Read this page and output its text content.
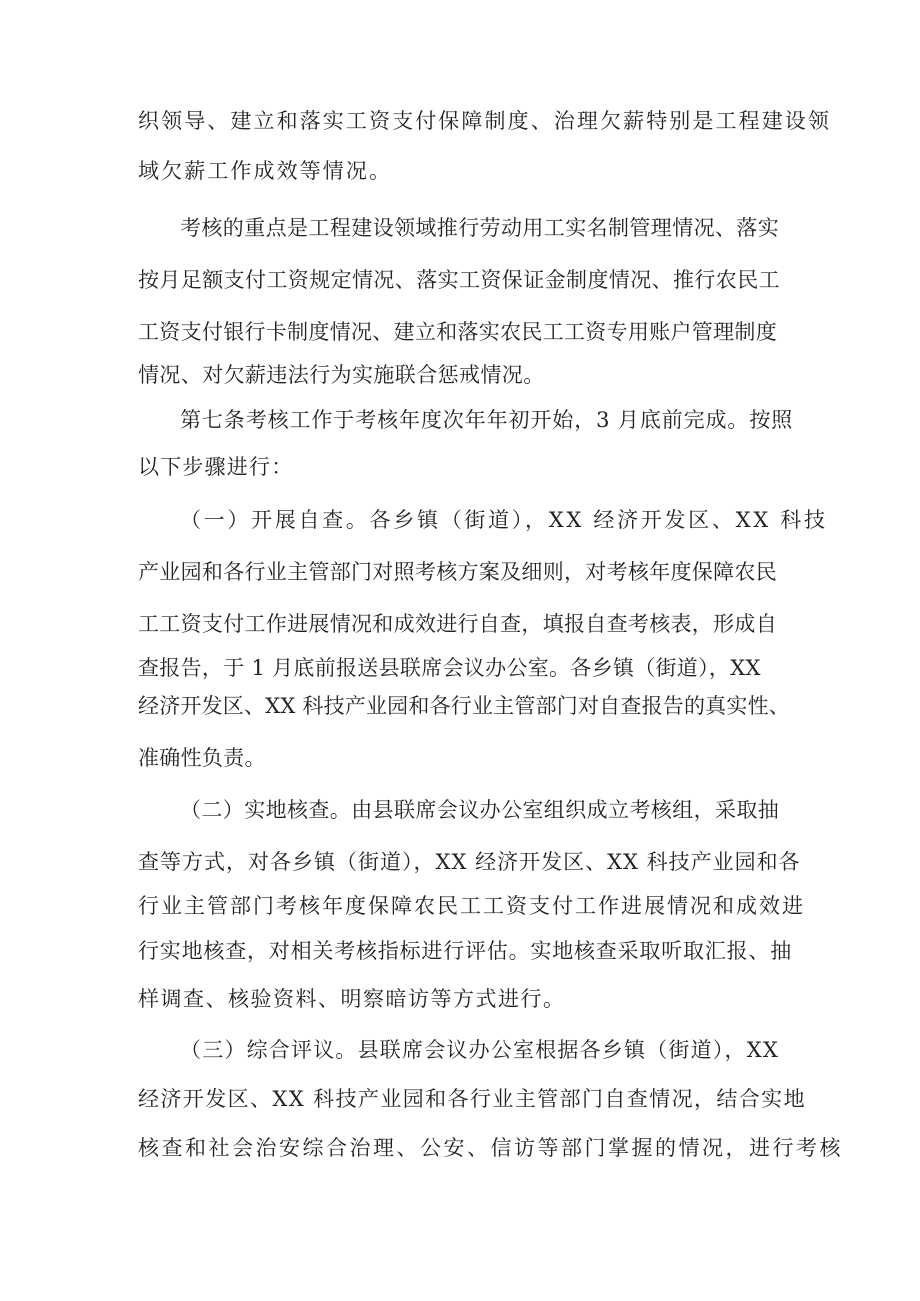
织领导、建立和落实工资支付保障制度、治理欠薪特别是工程建设领

域欠薪工作成效等情况。

考核的重点是工程建设领域推行劳动用工实名制管理情况、落实

按月足额支付工资规定情况、落实工资保证金制度情况、推行农民工

工资支付银行卡制度情况、建立和落实农民工工资专用账户管理制度

情况、对欠薪违法行为实施联合惩戒情况。

第七条考核工作于考核年度次年年初开始，3 月底前完成。按照

以下步骤进行：

（一）开展自查。各乡镇（街道），XX 经济开发区、XX 科技

产业园和各行业主管部门对照考核方案及细则，对考核年度保障农民

工工资支付工作进展情况和成效进行自查，填报自查考核表，形成自

查报告，于 1 月底前报送县联席会议办公室。各乡镇（街道），XX

经济开发区、XX 科技产业园和各行业主管部门对自查报告的真实性、

准确性负责。

（二）实地核查。由县联席会议办公室组织成立考核组，采取抽

查等方式，对各乡镇（街道），XX 经济开发区、XX 科技产业园和各

行业主管部门考核年度保障农民工工资支付工作进展情况和成效进

行实地核查，对相关考核指标进行评估。实地核查采取听取汇报、抽

样调查、核验资料、明察暗访等方式进行。

（三）综合评议。县联席会议办公室根据各乡镇（街道），XX

经济开发区、XX 科技产业园和各行业主管部门自查情况，结合实地

核查和社会治安综合治理、公安、信访等部门掌握的情况，进行考核
